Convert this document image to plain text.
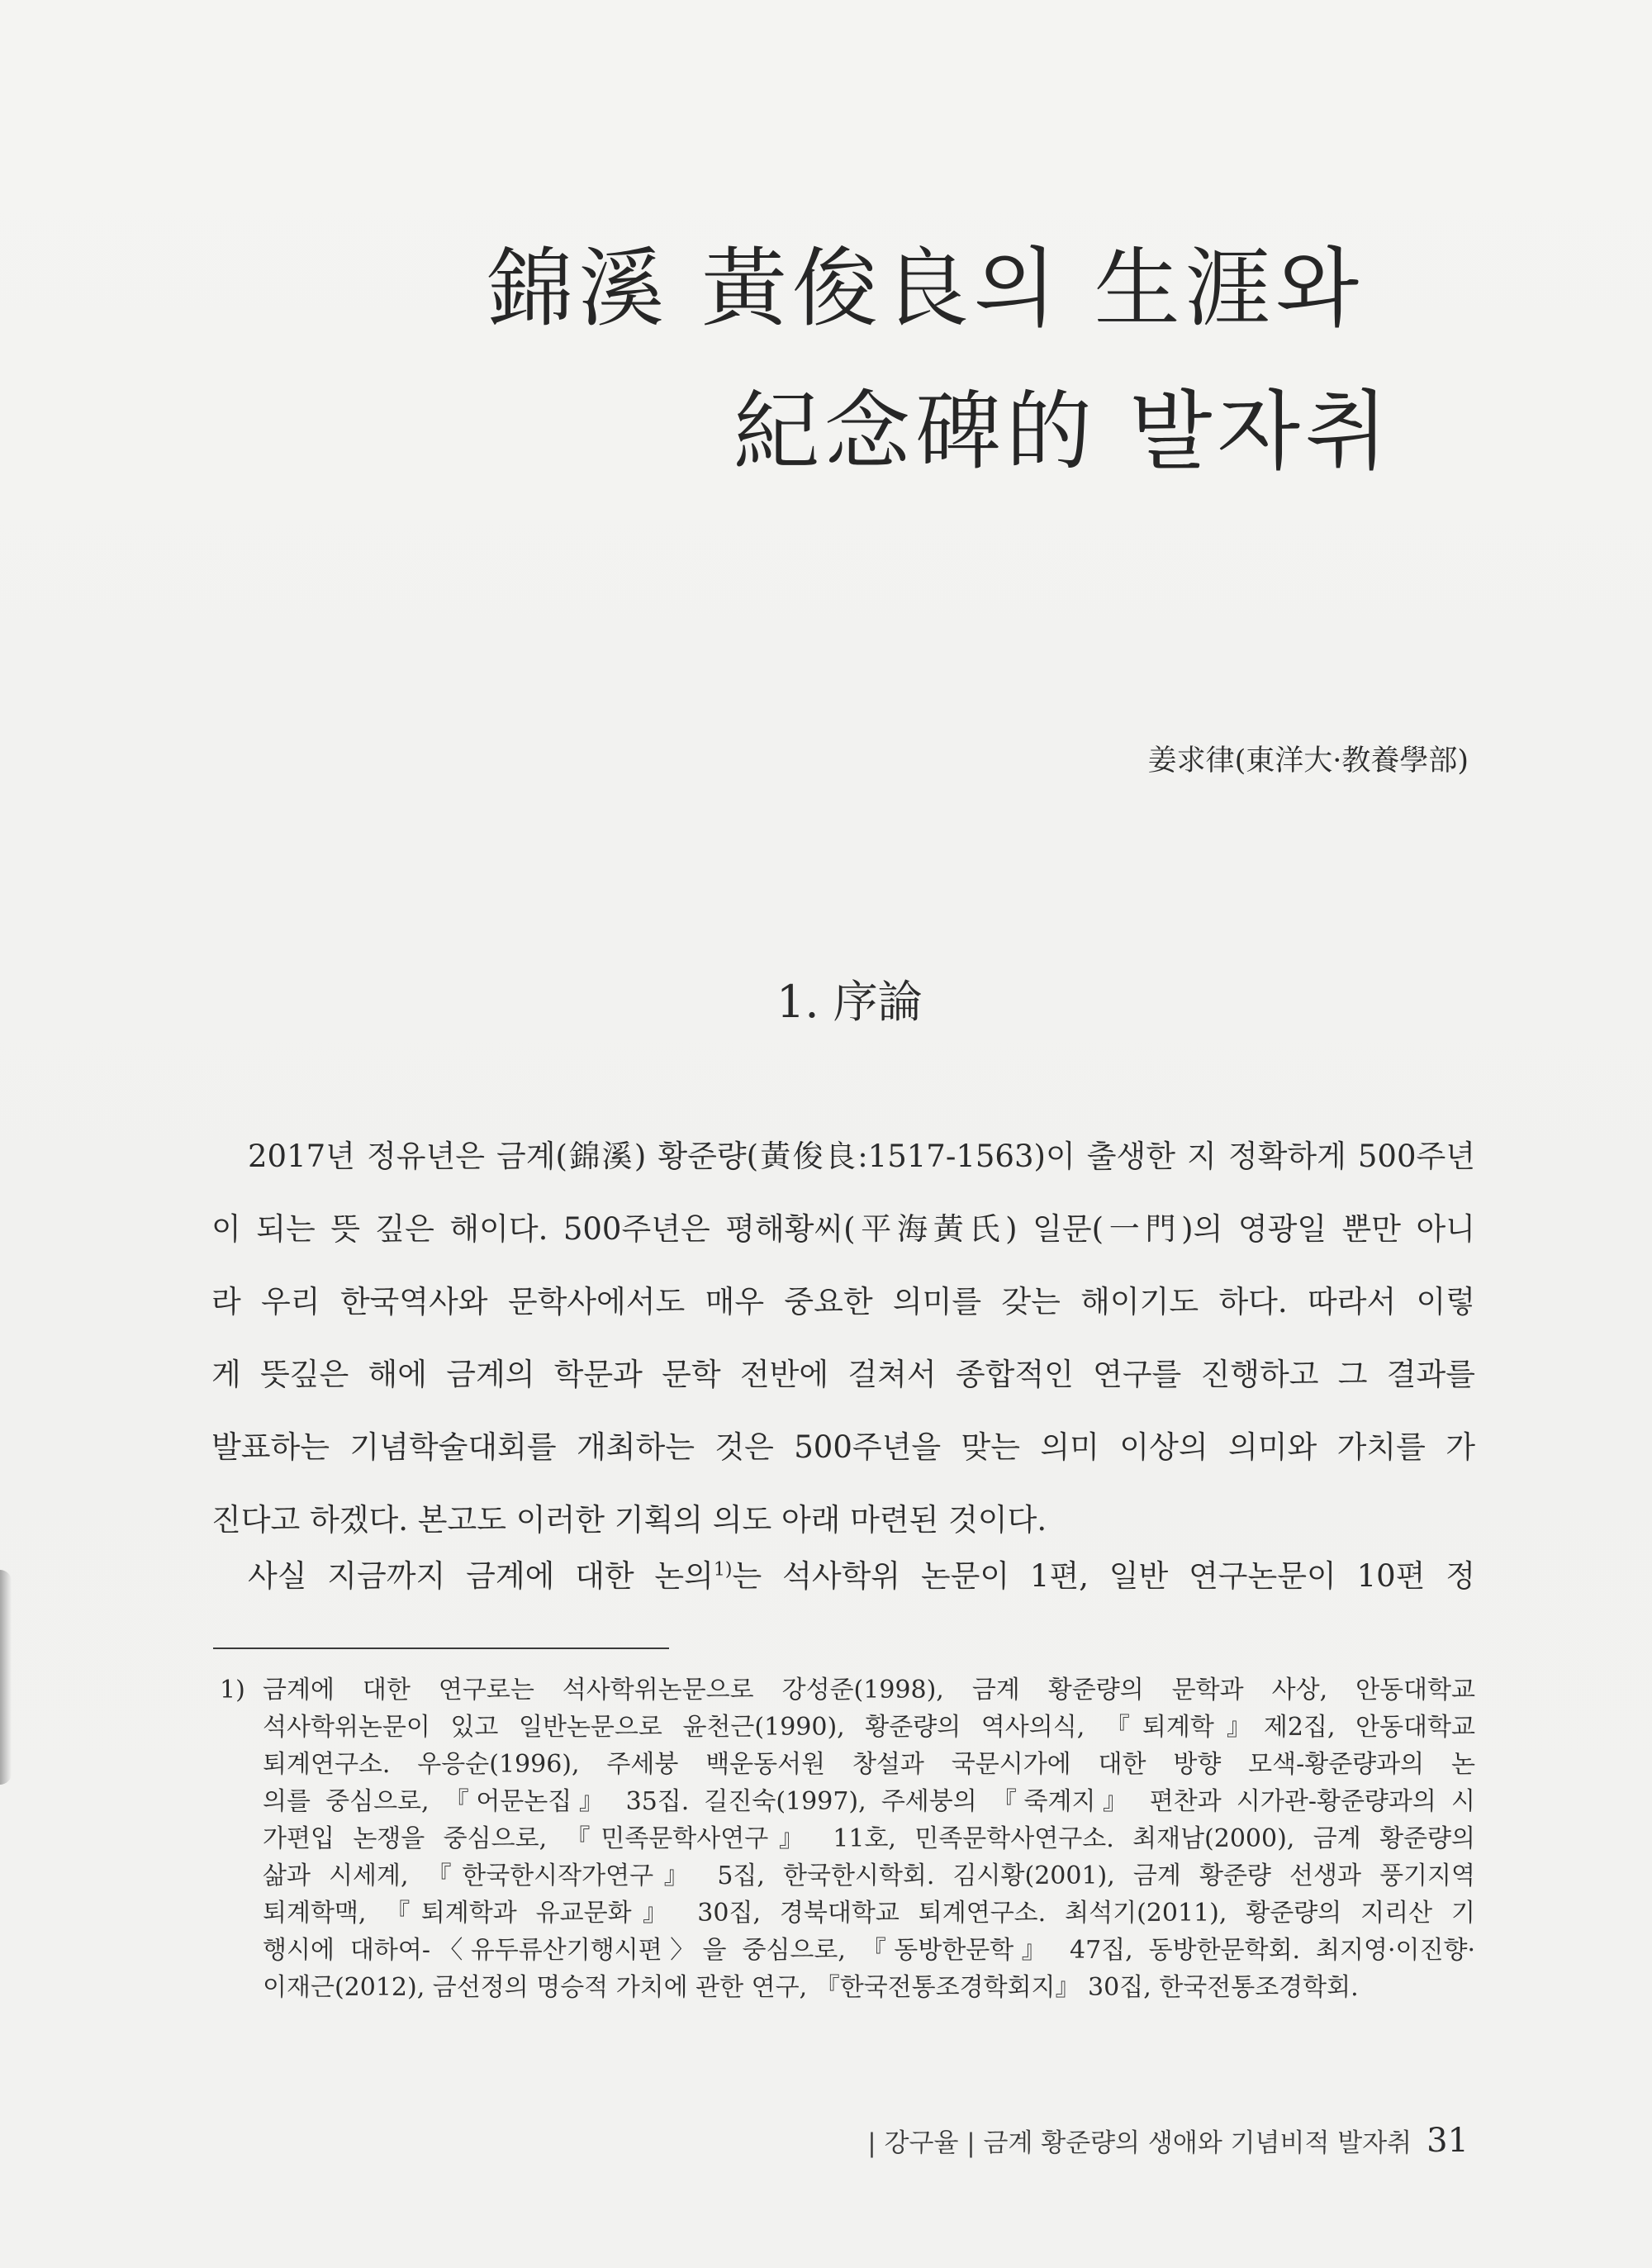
錦溪 黃俊良의 生涯와
紀念碑的 발자취
姜求律(東洋大·教養學部)
1. 序論
2017년 정유년은 금계(錦溪) 황준량(黃俊良:1517-1563)이 출생한 지 정확하게 500주년
이 되는 뜻 깊은 해이다. 500주년은 평해황씨(平海黃氏) 일문(一門)의 영광일 뿐만 아니
라 우리 한국역사와 문학사에서도 매우 중요한 의미를 갖는 해이기도 하다. 따라서 이렇
게 뜻깊은 해에 금계의 학문과 문학 전반에 걸쳐서 종합적인 연구를 진행하고 그 결과를
발표하는 기념학술대회를 개최하는 것은 500주년을 맞는 의미 이상의 의미와 가치를 가
진다고 하겠다. 본고도 이러한 기획의 의도 아래 마련된 것이다.
사실 지금까지 금계에 대한 논의$^{1)}$는 석사학위 논문이 1편, 일반 연구논문이 10편 정
1) 금계에 대한 연구로는 석사학위논문으로 강성준(1998), 금계 황준량의 문학과 사상, 안동대학교
석사학위논문이 있고 일반논문으로 윤천근(1990), 황준량의 역사의식, 『퇴계학』제2집, 안동대학교
퇴계연구소. 우응순(1996), 주세붕 백운동서원 창설과 국문시가에 대한 방향 모색-황준량과의 논
의를 중심으로, 『어문논집』 35집. 길진숙(1997), 주세붕의 『죽계지』 편찬과 시가관-황준량과의 시
가편입 논쟁을 중심으로, 『민족문학사연구』 11호, 민족문학사연구소. 최재남(2000), 금계 황준량의
삶과 시세계, 『한국한시작가연구』 5집, 한국한시학회. 김시황(2001), 금계 황준량 선생과 풍기지역
퇴계학맥, 『퇴계학과 유교문화』 30집, 경북대학교 퇴계연구소. 최석기(2011), 황준량의 지리산 기
행시에 대하여-〈유두류산기행시편〉을 중심으로, 『동방한문학』 47집, 동방한문학회. 최지영·이진향·
이재근(2012), 금선정의 명승적 가치에 관한 연구, 『한국전통조경학회지』 30집, 한국전통조경학회.
| 강구율 | 금계 황준량의 생애와 기념비적 발자취 31
